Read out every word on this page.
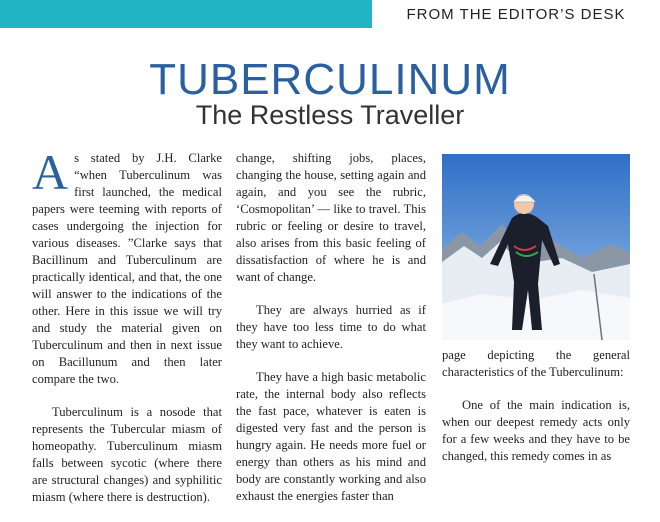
FROM THE EDITOR’S DESK
TUBERCULINUM
The Restless Traveller

As stated by J.H. Clarke “when Tuberculinum was first launched, the medical papers were teeming with reports of cases undergoing the injection for various diseases. ”Clarke says that Bacillinum and Tuberculinum are practically identical, and that, the one will answer to the indications of the other. Here in this issue we will try and study the material given on Tuberculinum and then in next issue on Bacillunum and then later compare the two.

Tuberculinum is a nosode that represents the Tubercular miasm of homeopathy. Tuberculinum miasm falls between sycotic (where there are structural changes) and syphilitic miasm (where there is destruction).

change, shifting jobs, places, changing the house, setting again and again, and you see the rubric, ‘Cosmopolitan’ — like to travel. This rubric or feeling or desire to travel, also arises from this basic feeling of dissatisfaction of where he is and want of change.

They are always hurried as if they have too less time to do what they want to achieve.

They have a high basic metabolic rate, the internal body also reflects the fast pace, whatever is eaten is digested very fast and the person is hungry again. He needs more fuel or energy than others as his mind and body are constantly working and also exhaust the energies faster than

page depicting the general characteristics of the Tuberculinum:

One of the main indication is, when our deepest remedy acts only for a few weeks and they have to be changed, this remedy comes in as
